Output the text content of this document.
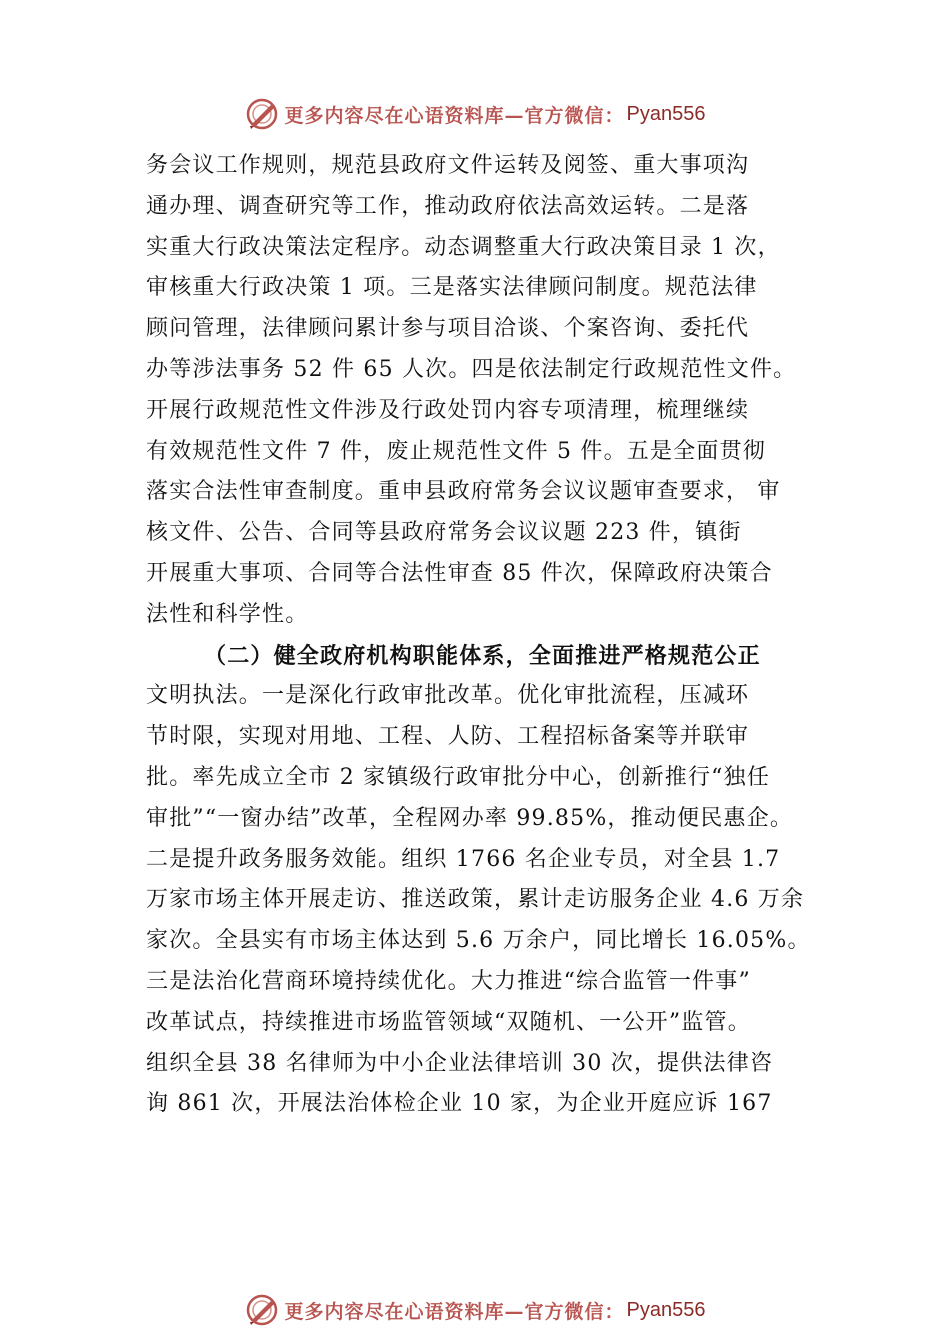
更多内容尽在心语资料库—官方微信： Pyan556
务会议工作规则，规范县政府文件运转及阅签、重大事项沟
通办理、调查研究等工作，推动政府依法高效运转。二是落
实重大行政决策法定程序。动态调整重大行政决策目录 1 次，
审核重大行政决策 1 项。三是落实法律顾问制度。规范法律
顾问管理，法律顾问累计参与项目洽谈、个案咨询、委托代
办等涉法事务 52 件 65 人次。四是依法制定行政规范性文件。
开展行政规范性文件涉及行政处罚内容专项清理，梳理继续
有效规范性文件 7 件，废止规范性文件 5 件。五是全面贯彻
落实合法性审查制度。重申县政府常务会议议题审查要求， 审
核文件、公告、合同等县政府常务会议议题 223 件，镇街
开展重大事项、合同等合法性审查 85 件次，保障政府决策合
法性和科学性。
（二）健全政府机构职能体系，全面推进严格规范公正
文明执法。一是深化行政审批改革。优化审批流程，压减环
节时限，实现对用地、工程、人防、工程招标备案等并联审
批。率先成立全市 2 家镇级行政审批分中心，创新推行“独任
审批”“一窗办结”改革，全程网办率 99.85%，推动便民惠企。
二是提升政务服务效能。组织 1766 名企业专员，对全县 1.7
万家市场主体开展走访、推送政策，累计走访服务企业 4.6 万余
家次。全县实有市场主体达到 5.6 万余户，同比增长 16.05%。
三是法治化营商环境持续优化。大力推进“综合监管一件事”
改革试点，持续推进市场监管领域“双随机、一公开”监管。
组织全县 38 名律师为中小企业法律培训 30 次，提供法律咨
询 861 次，开展法治体检企业 10 家，为企业开庭应诉 167
更多内容尽在心语资料库—官方微信： Pyan556
